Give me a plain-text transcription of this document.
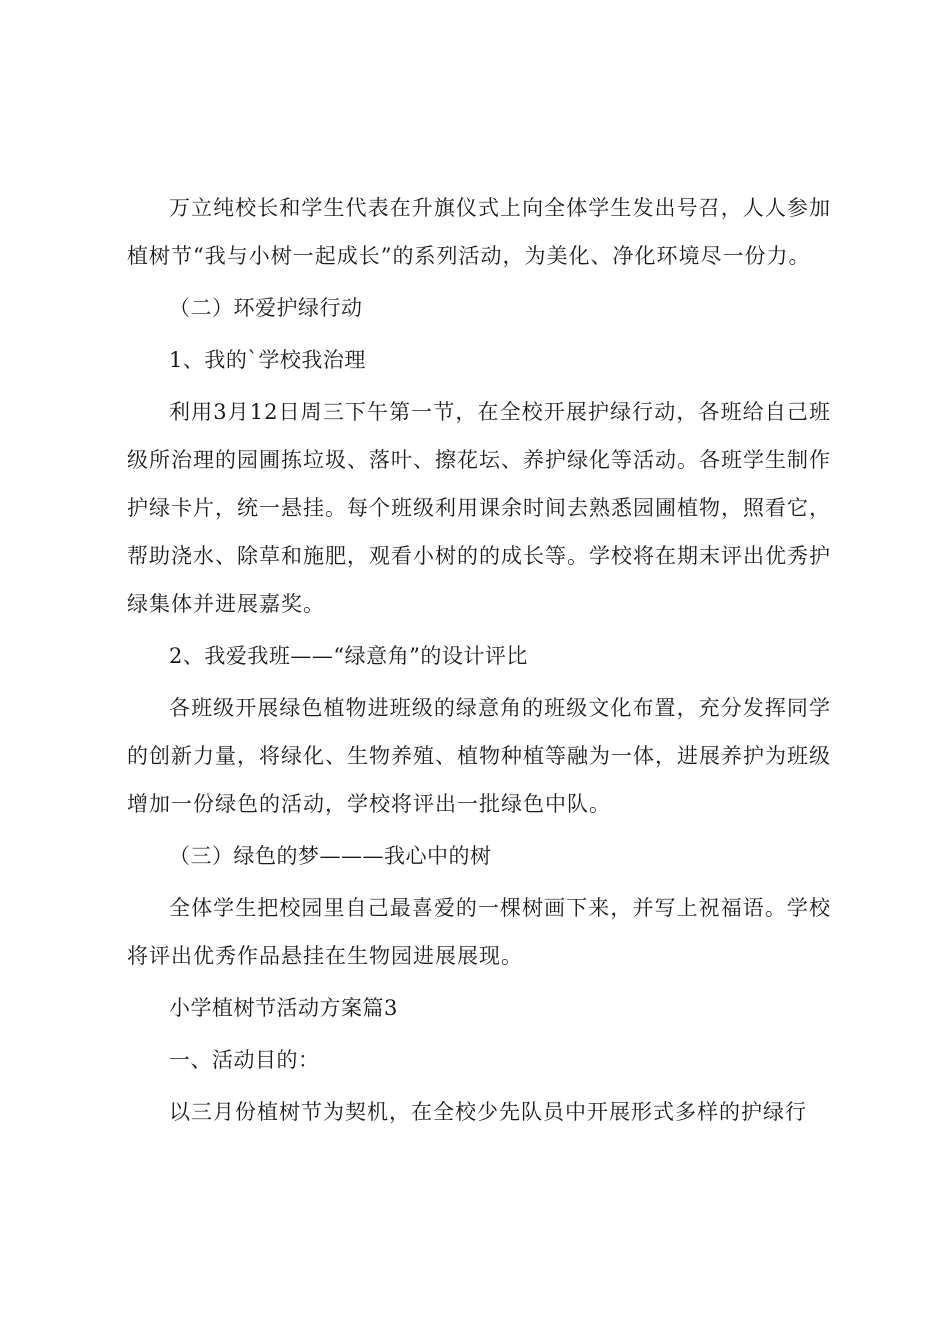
万立纯校长和学生代表在升旗仪式上向全体学生发出号召，人人参加植树节“我与小树一起成长”的系列活动，为美化、净化环境尽一份力。

（二）环爱护绿行动

1、我的`学校我治理

利用3月12日周三下午第一节，在全校开展护绿行动，各班给自己班级所治理的园圃拣垃圾、落叶、擦花坛、养护绿化等活动。各班学生制作护绿卡片，统一悬挂。每个班级利用课余时间去熟悉园圃植物，照看它，帮助浇水、除草和施肥，观看小树的的成长等。学校将在期末评出优秀护绿集体并进展嘉奖。

2、我爱我班——“绿意角”的设计评比

各班级开展绿色植物进班级的绿意角的班级文化布置，充分发挥同学的创新力量，将绿化、生物养殖、植物种植等融为一体，进展养护为班级增加一份绿色的活动，学校将评出一批绿色中队。

（三）绿色的梦———我心中的树

全体学生把校园里自己最喜爱的一棵树画下来，并写上祝福语。学校将评出优秀作品悬挂在生物园进展展现。

小学植树节活动方案篇3

一、活动目的：

以三月份植树节为契机，在全校少先队员中开展形式多样的护绿行
